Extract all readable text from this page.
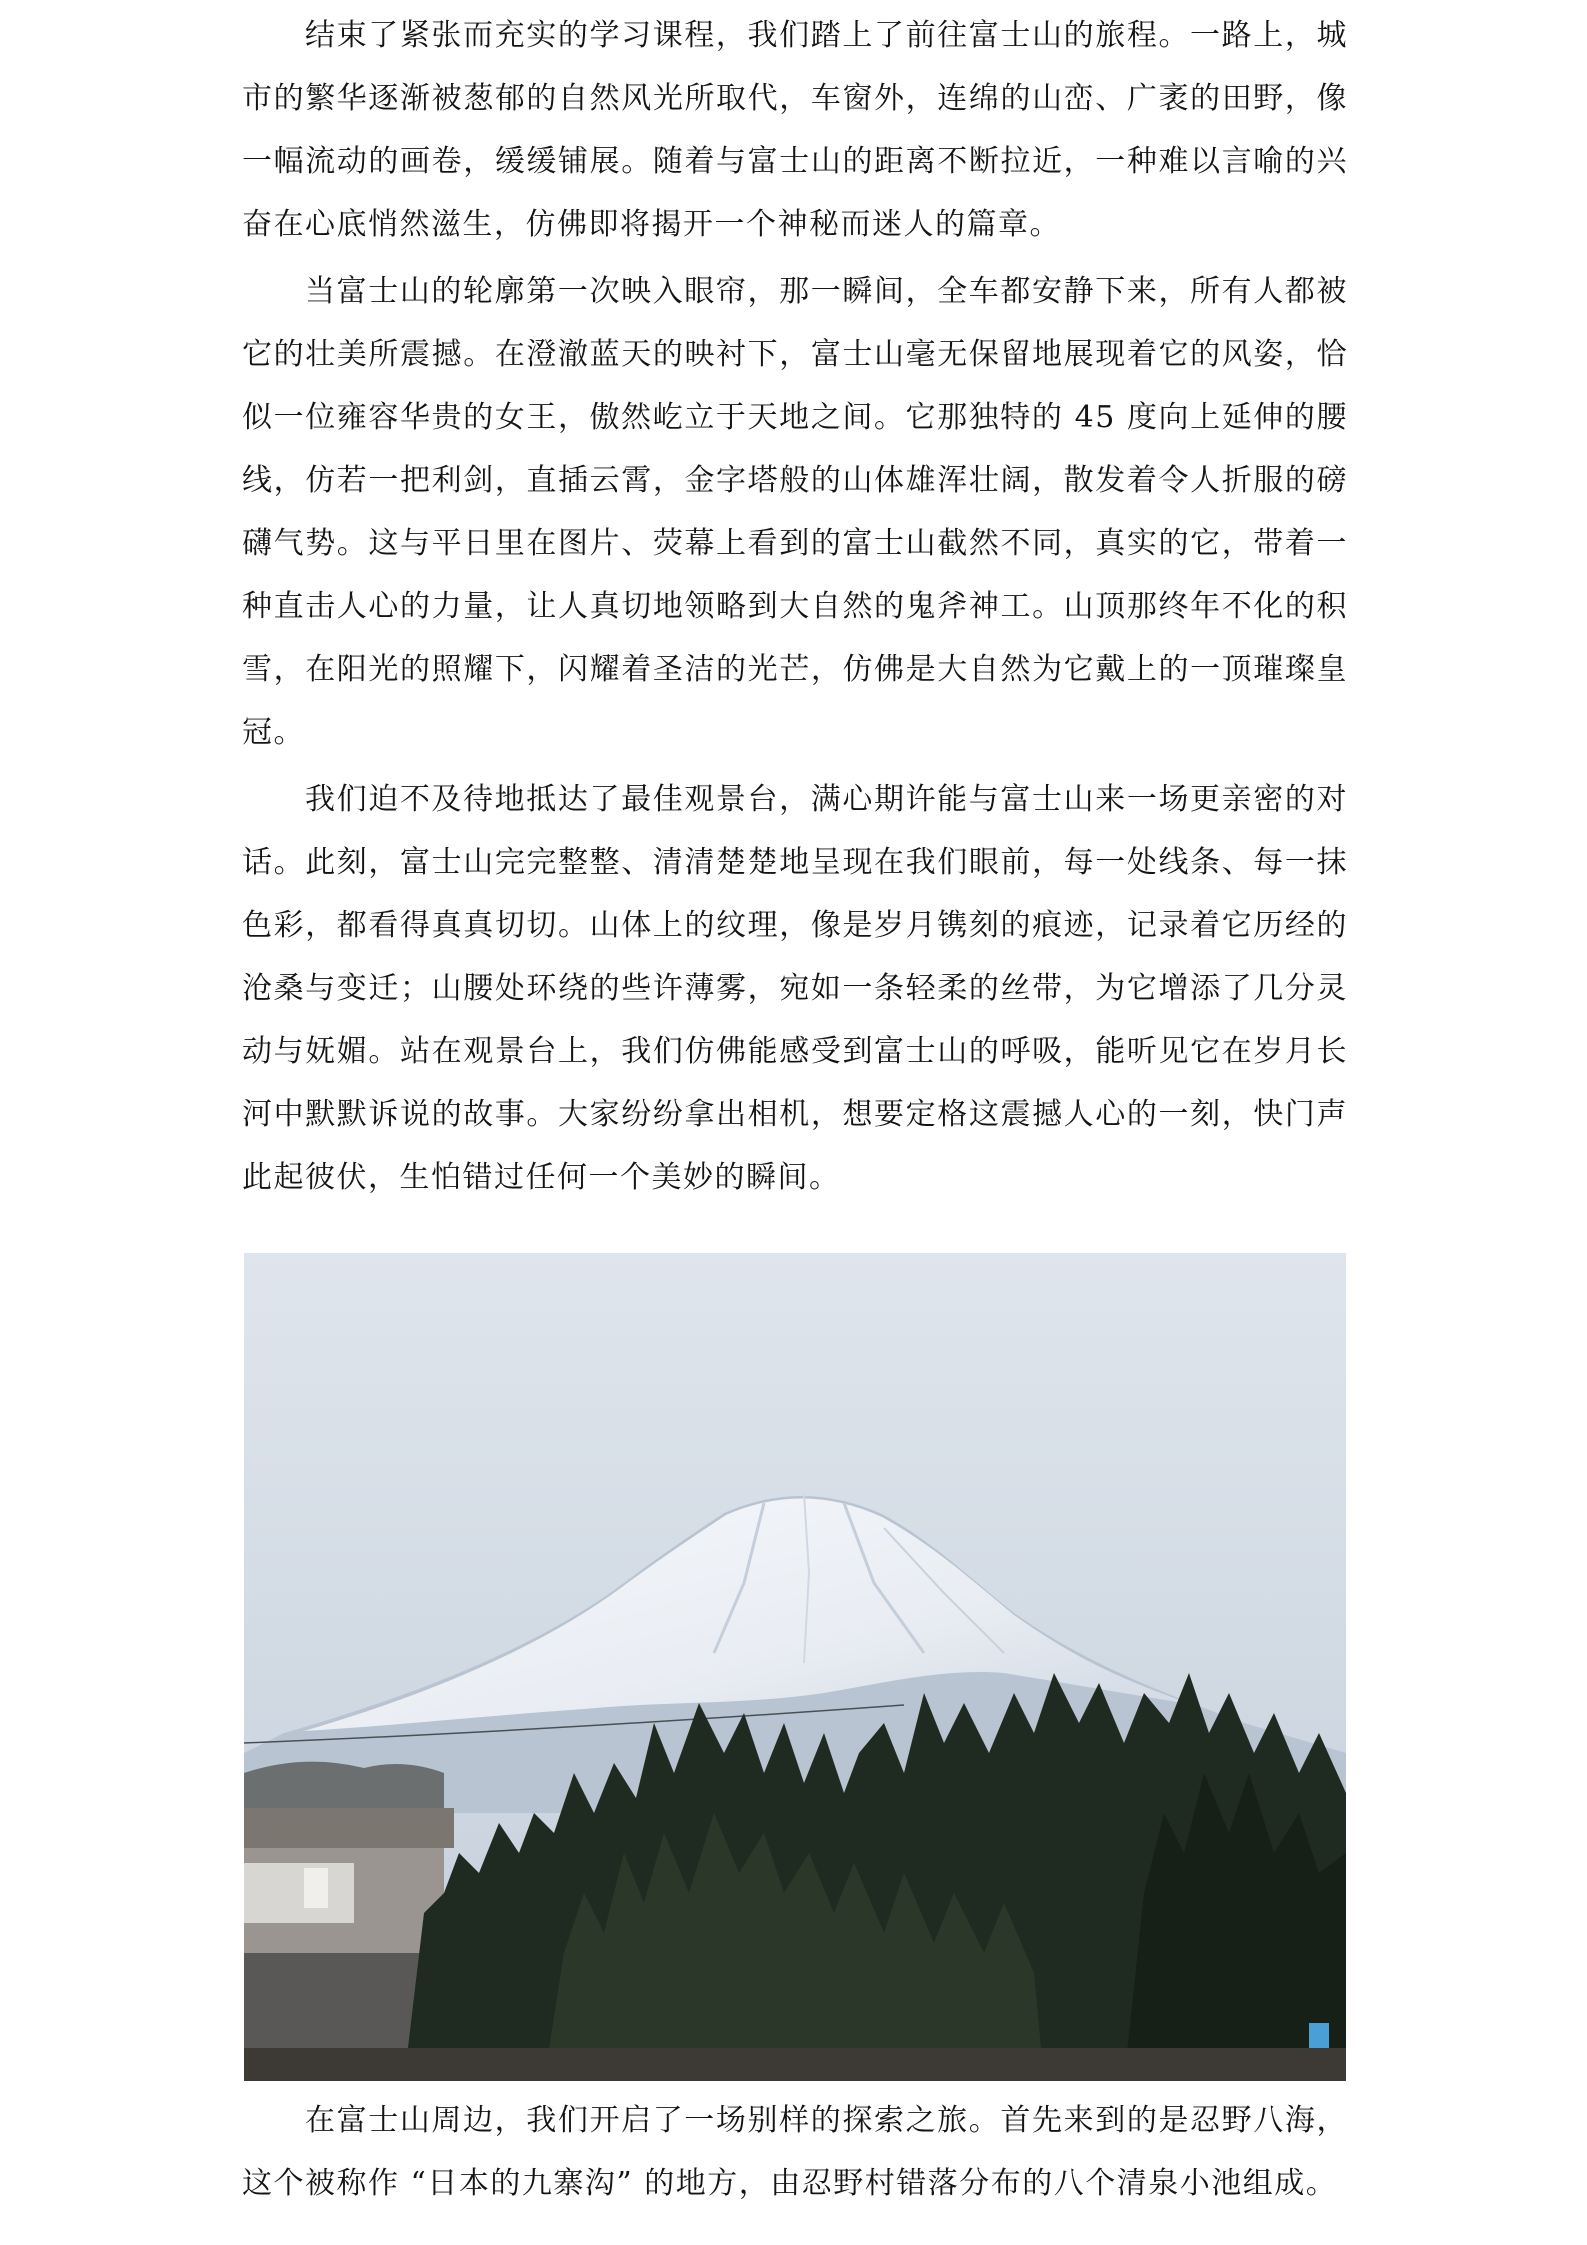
结束了紧张而充实的学习课程，我们踏上了前往富士山的旅程。一路上，城市的繁华逐渐被葱郁的自然风光所取代，车窗外，连绵的山峦、广袤的田野，像一幅流动的画卷，缓缓铺展。随着与富士山的距离不断拉近，一种难以言喻的兴奋在心底悄然滋生，仿佛即将揭开一个神秘而迷人的篇章。

当富士山的轮廓第一次映入眼帘，那一瞬间，全车都安静下来，所有人都被它的壮美所震撼。在澄澈蓝天的映衬下，富士山毫无保留地展现着它的风姿，恰似一位雍容华贵的女王，傲然屹立于天地之间。它那独特的 45 度向上延伸的腰线，仿若一把利剑，直插云霄，金字塔般的山体雄浑壮阔，散发着令人折服的磅礴气势。这与平日里在图片、荧幕上看到的富士山截然不同，真实的它，带着一种直击人心的力量，让人真切地领略到大自然的鬼斧神工。山顶那终年不化的积雪，在阳光的照耀下，闪耀着圣洁的光芒，仿佛是大自然为它戴上的一顶璀璨皇冠。

我们迫不及待地抵达了最佳观景台，满心期许能与富士山来一场更亲密的对话。此刻，富士山完完整整、清清楚楚地呈现在我们眼前，每一处线条、每一抹色彩，都看得真真切切。山体上的纹理，像是岁月镌刻的痕迹，记录着它历经的沧桑与变迁；山腰处环绕的些许薄雾，宛如一条轻柔的丝带，为它增添了几分灵动与妩媚。站在观景台上，我们仿佛能感受到富士山的呼吸，能听见它在岁月长河中默默诉说的故事。大家纷纷拿出相机，想要定格这震撼人心的一刻，快门声此起彼伏，生怕错过任何一个美妙的瞬间。

在富士山周边，我们开启了一场别样的探索之旅。首先来到的是忍野八海，这个被称作 “日本的九寨沟” 的地方，由忍野村错落分布的八个清泉小池组成。
